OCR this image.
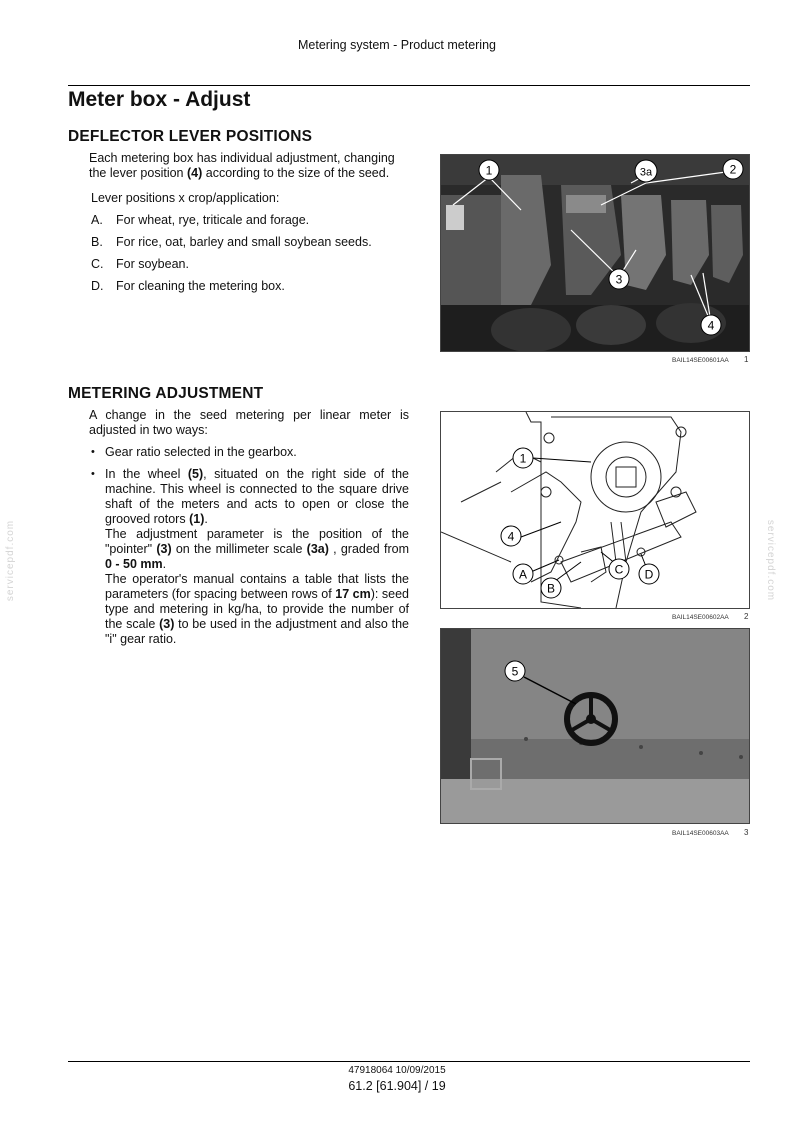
Metering system - Product metering
Meter box - Adjust
DEFLECTOR LEVER POSITIONS
Each metering box has individual adjustment, changing the lever position (4) according to the size of the seed.
Lever positions x crop/application:
A. For wheat, rye, triticale and forage.
B. For rice, oat, barley and small soybean seeds.
C. For soybean.
D. For cleaning the metering box.
1	3a	2
3
4
BAIL14SE00601AA 1
METERING ADJUSTMENT
A change in the seed metering per linear meter is adjusted in two ways:
• Gear ratio selected in the gearbox.
• In the wheel (5), situated on the right side of the machine. This wheel is connected to the square drive shaft of the meters and acts to open or close the grooved rotors (1).
The adjustment parameter is the position of the "pointer" (3) on the millimeter scale (3a) , graded from 0 - 50 mm.
The operator's manual contains a table that lists the parameters (for spacing between rows of 17 cm): seed type and metering in kg/ha, to provide the number of the scale (3) to be used in the adjustment and also the "i" gear ratio.
1
4
A
B
C D
BAIL14SE00602AA 2
5
BAIL14SE00603AA 3
servicepdf.com	servicepdf.com
47918064 10/09/2015
61.2 [61.904] / 19
